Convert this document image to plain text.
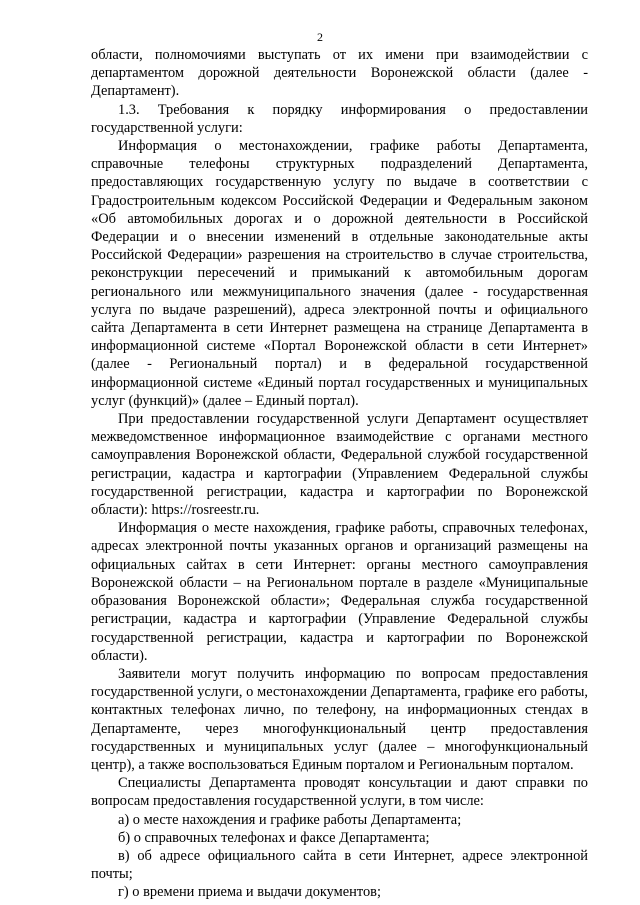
2

области, полномочиями выступать от их имени при взаимодействии с департаментом дорожной деятельности Воронежской области (далее - Департамент).

1.3. Требования к порядку информирования о предоставлении государственной услуги:

Информация о местонахождении, графике работы Департамента, справочные телефоны структурных подразделений Департамента, предоставляющих государственную услугу по выдаче в соответствии с Градостроительным кодексом Российской Федерации и Федеральным законом «Об автомобильных дорогах и о дорожной деятельности в Российской Федерации и о внесении изменений в отдельные законодательные акты Российской Федерации» разрешения на строительство в случае строительства, реконструкции пересечений и примыканий к автомобильным дорогам регионального или межмуниципального значения (далее - государственная услуга по выдаче разрешений), адреса электронной почты и официального сайта Департамента в сети Интернет размещена на странице Департамента в информационной системе «Портал Воронежской области в сети Интернет» (далее - Региональный портал) и в федеральной государственной информационной системе «Единый портал государственных и муниципальных услуг (функций)» (далее – Единый портал).

При предоставлении государственной услуги Департамент осуществляет межведомственное информационное взаимодействие с органами местного самоуправления Воронежской области, Федеральной службой государственной регистрации, кадастра и картографии (Управлением Федеральной службы государственной регистрации, кадастра и картографии по Воронежской области): https://rosreestr.ru.

Информация о месте нахождения, графике работы, справочных телефонах, адресах электронной почты указанных органов и организаций размещены на официальных сайтах в сети Интернет: органы местного самоуправления Воронежской области – на Региональном портале в разделе «Муниципальные образования Воронежской области»; Федеральная служба государственной регистрации, кадастра и картографии (Управление Федеральной службы государственной регистрации, кадастра и картографии по Воронежской области).

Заявители могут получить информацию по вопросам предоставления государственной услуги, о местонахождении Департамента, графике его работы, контактных телефонах лично, по телефону, на информационных стендах в Департаменте, через многофункциональный центр предоставления государственных и муниципальных услуг (далее – многофункциональный центр), а также воспользоваться Единым порталом и Региональным порталом.

Специалисты Департамента проводят консультации и дают справки по вопросам предоставления государственной услуги, в том числе:

а) о месте нахождения и графике работы Департамента;

б) о справочных телефонах и факсе Департамента;

в) об адресе официального сайта в сети Интернет, адресе электронной почты;

г) о времени приема и выдачи документов;
